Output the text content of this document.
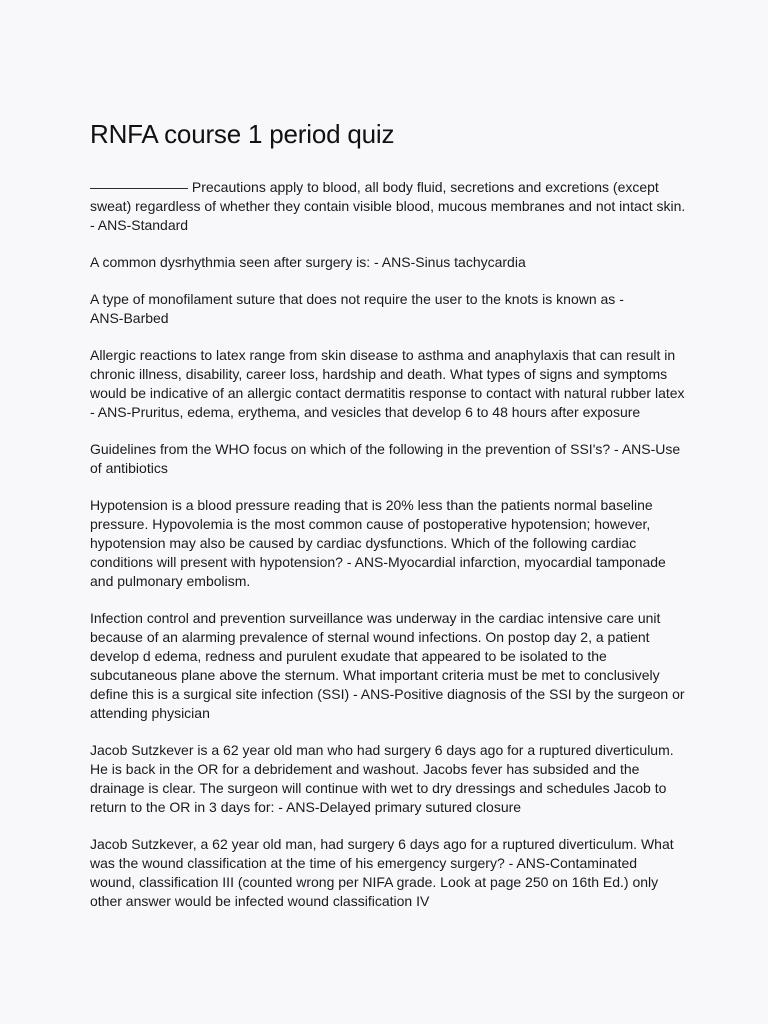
RNFA course 1 period quiz

——————— Precautions apply to blood, all body fluid, secretions and excretions (except
sweat) regardless of whether they contain visible blood, mucous membranes and not intact skin.
- ANS-Standard

A common dysrhythmia seen after surgery is: - ANS-Sinus tachycardia

A type of monofilament suture that does not require the user to the knots is known as -
ANS-Barbed

Allergic reactions to latex range from skin disease to asthma and anaphylaxis that can result in
chronic illness, disability, career loss, hardship and death. What types of signs and symptoms
would be indicative of an allergic contact dermatitis response to contact with natural rubber latex
- ANS-Pruritus, edema, erythema, and vesicles that develop 6 to 48 hours after exposure

Guidelines from the WHO focus on which of the following in the prevention of SSI's? - ANS-Use
of antibiotics

Hypotension is a blood pressure reading that is 20% less than the patients normal baseline
pressure. Hypovolemia is the most common cause of postoperative hypotension; however,
hypotension may also be caused by cardiac dysfunctions. Which of the following cardiac
conditions will present with hypotension? - ANS-Myocardial infarction, myocardial tamponade
and pulmonary embolism.

Infection control and prevention surveillance was underway in the cardiac intensive care unit
because of an alarming prevalence of sternal wound infections. On postop day 2, a patient
develop d edema, redness and purulent exudate that appeared to be isolated to the
subcutaneous plane above the sternum. What important criteria must be met to conclusively
define this is a surgical site infection (SSI) - ANS-Positive diagnosis of the SSI by the surgeon or
attending physician

Jacob Sutzkever is a 62 year old man who had surgery 6 days ago for a ruptured diverticulum.
He is back in the OR for a debridement and washout. Jacobs fever has subsided and the
drainage is clear. The surgeon will continue with wet to dry dressings and schedules Jacob to
return to the OR in 3 days for: - ANS-Delayed primary sutured closure

Jacob Sutzkever, a 62 year old man, had surgery 6 days ago for a ruptured diverticulum. What
was the wound classification at the time of his emergency surgery? - ANS-Contaminated
wound, classification III (counted wrong per NIFA grade. Look at page 250 on 16th Ed.) only
other answer would be infected wound classification IV
